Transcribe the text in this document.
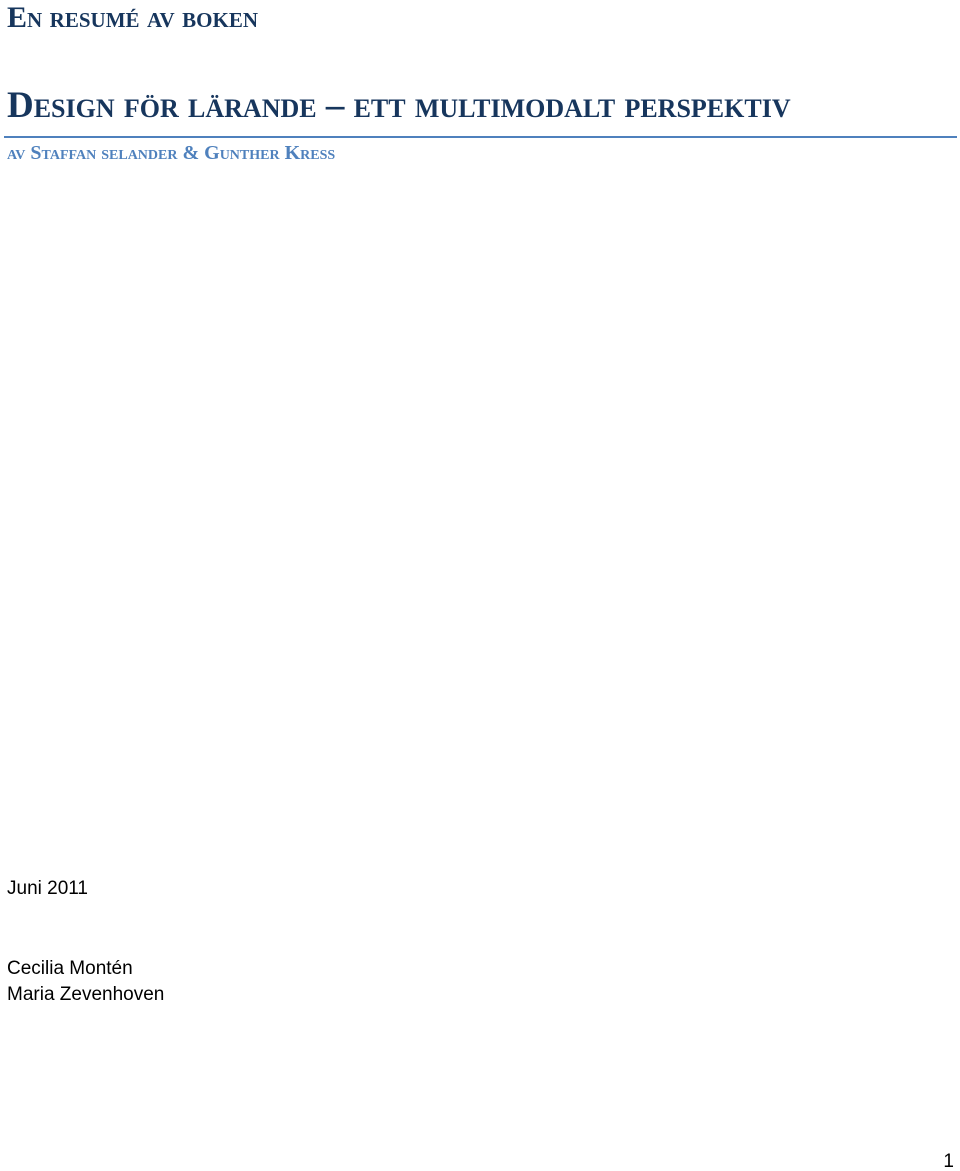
En resumé av boken
Design för lärande – ett multimodalt perspektiv
av Staffan selander & Gunther Kress
Juni 2011
Cecilia Montén
Maria Zevenhoven
1
